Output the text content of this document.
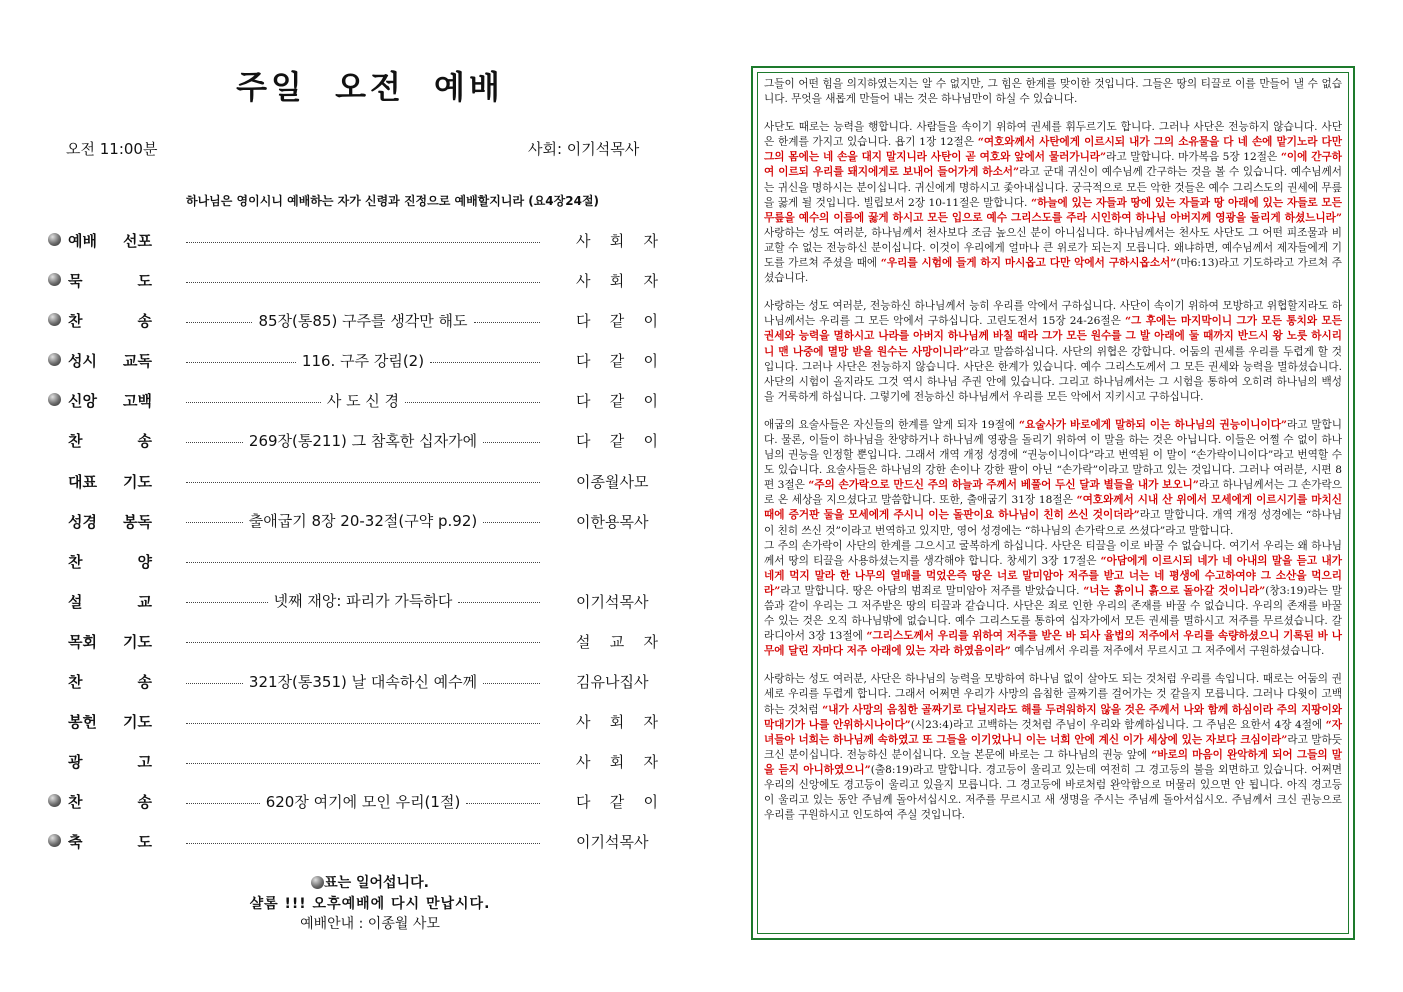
주일 오전 예배
오전 11:00분	사회: 이기석목사
하나님은 영이시니 예배하는 자가 신령과 진정으로 예배할지니라 (요4장24절)
예배 선포	사 회 자
묵 도	사 회 자
찬 송	85장(통85) 구주를 생각만 해도	다 같 이
성시 교독	116. 구주 강림(2)	다 같 이
신앙 고백	사 도 신 경	다 같 이
찬 송	269장(통211) 그 참혹한 십자가에	다 같 이
대표 기도	이종월사모
성경 봉독	출애굽기 8장 20-32절(구약 p.92)	이한용목사
찬 양
설 교	넷째 재앙: 파리가 가득하다	이기석목사
목회 기도	설 교 자
찬 송	321장(통351) 날 대속하신 예수께	김유나집사
봉헌 기도	사 회 자
광 고	사 회 자
찬 송	620장 여기에 모인 우리(1절)	다 같 이
축 도	이기석목사
표는 일어섭니다.
샬롬 !!! 오후예배에 다시 만납시다.
예배안내 : 이종월 사모

그들이 어떤 힘을 의지하였는지는 알 수 없지만, 그 힘은 한계를 맞이한 것입니다. 그들은 땅의 티끌로 이를 만들어 낼 수 없습니다. 무엇을 새롭게 만들어 내는 것은 하나님만이 하실 수 있습니다.

사단도 때로는 능력을 행합니다. 사람들을 속이기 위하여 권세를 휘두르기도 합니다. 그러나 사단은 전능하지 않습니다. 사단은 한계를 가지고 있습니다. 욥기 1장 12절은 “여호와께서 사탄에게 이르시되 내가 그의 소유물을 다 네 손에 맡기노라 다만 그의 몸에는 네 손을 대지 말지니라 사탄이 곧 여호와 앞에서 물러가니라”라고 말합니다. 마가복음 5장 12절은 “이에 간구하여 이르되 우리를 돼지에게로 보내어 들어가게 하소서”라고 군대 귀신이 예수님께 간구하는 것을 볼 수 있습니다. 예수님께서는 귀신을 명하시는 분이십니다. 귀신에게 명하시고 좇아내십니다. 궁극적으로 모든 악한 것들은 예수 그리스도의 권세에 무릎을 꿇게 될 것입니다. 빌립보서 2장 10-11절은 말합니다. “하늘에 있는 자들과 땅에 있는 자들과 땅 아래에 있는 자들로 모든 무릎을 예수의 이름에 꿇게 하시고 모든 입으로 예수 그리스도를 주라 시인하여 하나님 아버지께 영광을 돌리게 하셨느니라” 사랑하는 성도 여러분, 하나님께서 천사보다 조금 높으신 분이 아니십니다. 하나님께서는 천사도 사단도 그 어떤 피조물과 비교할 수 없는 전능하신 분이십니다. 이것이 우리에게 얼마나 큰 위로가 되는지 모릅니다. 왜냐하면, 예수님께서 제자들에게 기도를 가르쳐 주셨을 때에 “우리를 시험에 들게 하지 마시옵고 다만 악에서 구하시옵소서”(마6:13)라고 기도하라고 가르쳐 주셨습니다.

사랑하는 성도 여러분, 전능하신 하나님께서 능히 우리를 악에서 구하십니다. 사단이 속이기 위하여 모방하고 위협할지라도 하나님께서는 우리를 그 모든 악에서 구하십니다. 고린도전서 15장 24-26절은 “그 후에는 마지막이니 그가 모든 통치와 모든 권세와 능력을 멸하시고 나라를 아버지 하나님께 바칠 때라 그가 모든 원수를 그 발 아래에 둘 때까지 반드시 왕 노릇 하시리니 맨 나중에 멸망 받을 원수는 사망이니라”라고 말씀하십니다. 사단의 위협은 강합니다. 어둠의 권세를 우리를 두렵게 할 것입니다. 그러나 사단은 전능하지 않습니다. 사단은 한계가 있습니다. 예수 그리스도께서 그 모든 권세와 능력을 멸하셨습니다. 사단의 시험이 올지라도 그것 역시 하나님 주권 안에 있습니다. 그리고 하나님께서는 그 시험을 통하여 오히려 하나님의 백성을 거룩하게 하십니다. 그렇기에 전능하신 하나님께서 우리를 모든 악에서 지키시고 구하십니다.

애굽의 요술사들은 자신들의 한계를 알게 되자 19절에 “요술사가 바로에게 말하되 이는 하나님의 권능이니이다”라고 말합니다. 물론, 이들이 하나님을 찬양하거나 하나님께 영광을 돌리기 위하여 이 말을 하는 것은 아닙니다. 이들은 어쩔 수 없이 하나님의 권능을 인정할 뿐입니다. 그래서 개역 개정 성경에 “권능이니이다”라고 번역된 이 말이 “손가락이니이다”라고 번역할 수도 있습니다. 요술사들은 하나님의 강한 손이나 강한 팔이 아닌 “손가락”이라고 말하고 있는 것입니다. 그러나 여러분, 시편 8편 3절은 “주의 손가락으로 만드신 주의 하늘과 주께서 베풀어 두신 달과 별들을 내가 보오니”라고 하나님께서는 그 손가락으로 온 세상을 지으셨다고 말씀합니다. 또한, 출애굽기 31장 18절은 “여호와께서 시내 산 위에서 모세에게 이르시기를 마치신 때에 증거판 둘을 모세에게 주시니 이는 돌판이요 하나님이 친히 쓰신 것이더라”라고 말합니다. 개역 개정 성경에는 “하나님이 친히 쓰신 것”이라고 번역하고 있지만, 영어 성경에는 “하나님의 손가락으로 쓰셨다”라고 말합니다.
그 주의 손가락이 사단의 한계를 그으시고 굴복하게 하십니다. 사단은 티끌을 이로 바꿀 수 없습니다. 여기서 우리는 왜 하나님께서 땅의 티끌을 사용하셨는지를 생각해야 합니다. 창세기 3장 17절은 “아담에게 이르시되 네가 네 아내의 말을 듣고 내가 네게 먹지 말라 한 나무의 열매를 먹었은즉 땅은 너로 말미암아 저주를 받고 너는 네 평생에 수고하여야 그 소산을 먹으리라”라고 말합니다. 땅은 아담의 범죄로 말미암아 저주를 받았습니다. “너는 흙이니 흙으로 돌아갈 것이니라”(창3:19)라는 말씀과 같이 우리는 그 저주받은 땅의 티끌과 같습니다. 사단은 죄로 인한 우리의 존재를 바꿀 수 없습니다. 우리의 존재를 바꿀 수 있는 것은 오직 하나님밖에 없습니다. 예수 그리스도를 통하여 십자가에서 모든 권세를 멸하시고 저주를 무르셨습니다. 갈라디아서 3장 13절에 “그리스도께서 우리를 위하여 저주를 받은 바 되사 율법의 저주에서 우리를 속량하셨으니 기록된 바 나무에 달린 자마다 저주 아래에 있는 자라 하였음이라” 예수님께서 우리를 저주에서 무르시고 그 저주에서 구원하셨습니다.

사랑하는 성도 여러분, 사단은 하나님의 능력을 모방하여 하나님 없이 살아도 되는 것처럼 우리를 속입니다. 때로는 어둠의 권세로 우리를 두렵게 합니다. 그래서 어쩌면 우리가 사망의 음침한 골짜기를 걸어가는 것 같을지 모릅니다. 그러나 다윗이 고백하는 것처럼 “내가 사망의 음침한 골짜기로 다닐지라도 해를 두려워하지 않을 것은 주께서 나와 함께 하심이라 주의 지팡이와 막대기가 나를 안위하시나이다”(시23:4)라고 고백하는 것처럼 주님이 우리와 함께하십니다. 그 주님은 요한서 4장 4절에 “자녀들아 너희는 하나님께 속하였고 또 그들을 이기었나니 이는 너희 안에 계신 이가 세상에 있는 자보다 크심이라”라고 말하듯 크신 분이십니다. 전능하신 분이십니다. 오늘 본문에 바로는 그 하나님의 권능 앞에 “바로의 마음이 완악하게 되어 그들의 말을 듣지 아니하였으니”(출8:19)라고 말합니다. 경고등이 울리고 있는데 여전히 그 경고등의 불을 외면하고 있습니다. 어쩌면 우리의 신앙에도 경고등이 울리고 있을지 모릅니다. 그 경고등에 바로처럼 완악함으로 머물러 있으면 안 됩니다. 아직 경고등이 울리고 있는 동안 주님께 돌아서십시오. 저주를 무르시고 새 생명을 주시는 주님께 돌아서십시오. 주님께서 크신 권능으로 우리를 구원하시고 인도하여 주실 것입니다.
